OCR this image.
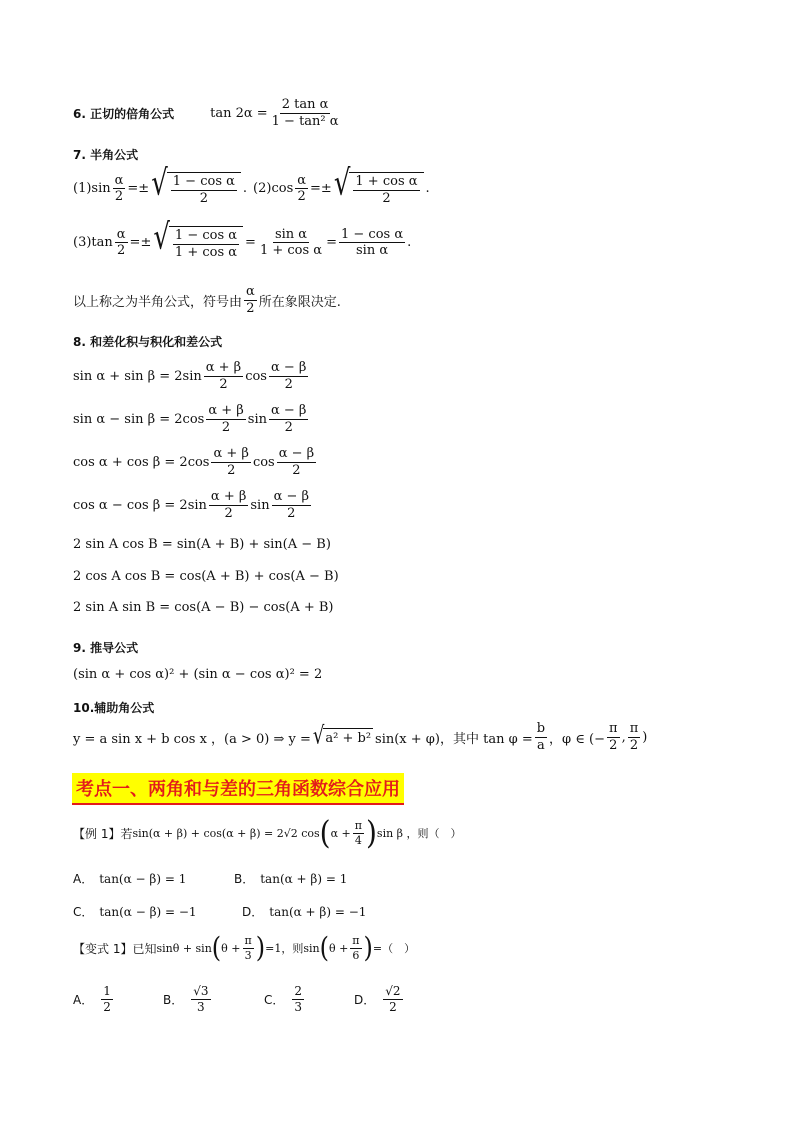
6. 正切的倍角公式	$\tan 2\alpha = \frac{\text{2 tan α}}{\text{1 − tan² α}}$
7. 半角公式
$(1)\sin \frac{\alpha}{2}$ =± √ $\frac{\text{1 − cos α}}{2}$ . $(2)\cos \frac{\alpha}{2}$ =± √ $\frac{\text{1 + cos α}}{2}$ .
$(3)\tan \frac{\alpha}{2}$ =± √ $\frac{\text{1 − cos α}}{\text{1 + cos α}} = \frac{\text{sin α}}{\text{1 + cos α}} = \frac{\text{1 − cos α}}{\text{sin α}}$ .
以上称之为半角公式，符号由 $\frac{\alpha}{2}$ 所在象限决定.
8. 和差化积与积化和差公式
$\sin \alpha + \sin \beta = 2\sin \frac{\alpha + \beta}{2}$ $\cos \frac{\alpha - \beta}{2}$
$\sin \alpha - \sin \beta = 2\cos \frac{\alpha + \beta}{2}$ $\sin \frac{\alpha - \beta}{2}$
$\cos \alpha + \cos \beta = 2\cos \frac{\alpha + \beta}{2}$ $\cos \frac{\alpha - \beta}{2}$
$\cos \alpha - \cos \beta = 2\sin \frac{\alpha + \beta}{2}$ $\sin \frac{\alpha - \beta}{2}$
2 sin A cos B = sin(A + B) + sin(A − B)
2 cos A cos B = cos(A + B) + cos(A − B)
2 sin A sin B = cos(A − B) − cos(A + B)
9. 推导公式
(sin α + cos α)² + (sin α − cos α)² = 2
10.辅助角公式
y = a sin x + b cos x ，(a > 0) ⇒ y = √ a² + b² sin(x + φ)，其中 $\tan \varphi = \frac{b}{a}$ ，φ ∈ (− $\frac{\pi}{2}$ , $\frac{\pi}{2}$ )
考点一、两角和与差的三角函数综合应用
【例 1】若 sin(α + β) + cos(α + β) = 2√2 cos ( $\alpha + \frac{\pi}{4}$ ) sin β ，则（　）
A． tan(α − β) = 1	B． tan(α + β) = 1
C． tan(α − β) = −1	D． tan(α + β) = −1
【变式 1】已知 sinθ + sin ( $\theta + \frac{\pi}{3}$ ) =1，则 sin ( $\theta + \frac{\pi}{6}$ ) =（　）
A． $\frac{1}{2}$	B． $\frac{√3}{3}$	C． $\frac{2}{3}$	D． $\frac{√2}{2}$
